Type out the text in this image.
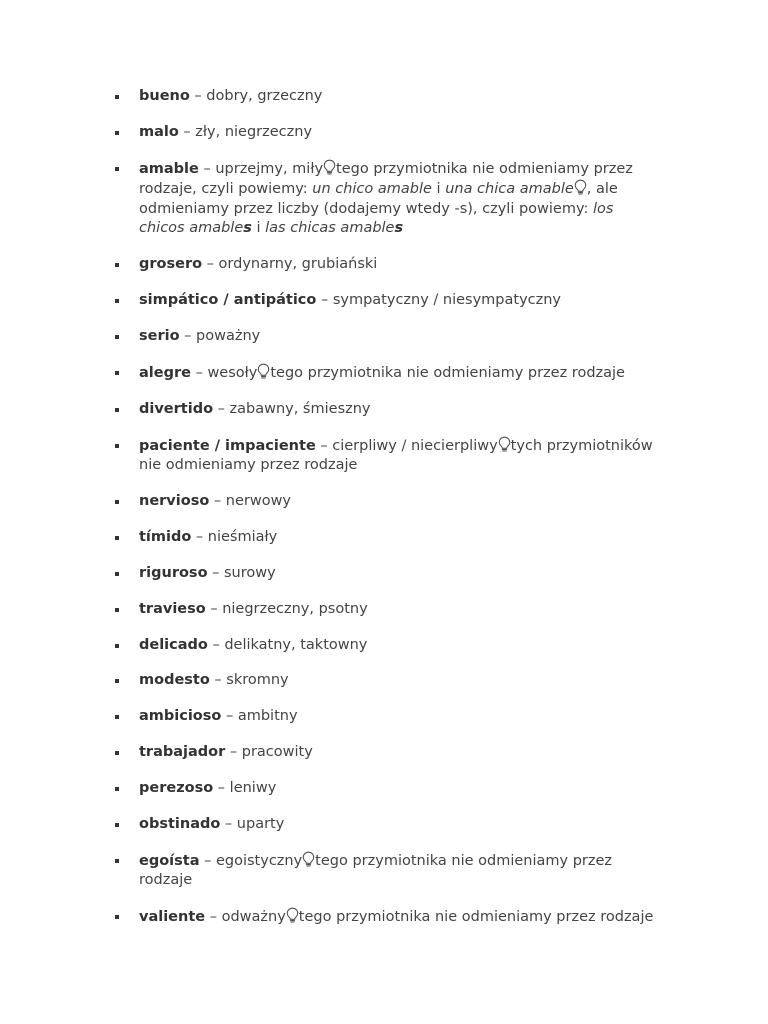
bueno – dobry, grzeczny
malo – zły, niegrzeczny
amable – uprzejmy, miły tego przymiotnika nie odmieniamy przez rodzaje, czyli powiemy: un chico amable i una chica amable , ale odmieniamy przez liczby (dodajemy wtedy -s), czyli powiemy: los chicos amables i las chicas amables
grosero – ordynarny, grubiański
simpático / antipático – sympatyczny / niesympatyczny
serio – poważny
alegre – wesoły tego przymiotnika nie odmieniamy przez rodzaje
divertido – zabawny, śmieszny
paciente / impaciente – cierpliwy / niecierpliwy tych przymiotników nie odmieniamy przez rodzaje
nervioso – nerwowy
tímido – nieśmiały
riguroso – surowy
travieso – niegrzeczny, psotny
delicado – delikatny, taktowny
modesto – skromny
ambicioso – ambitny
trabajador – pracowity
perezoso – leniwy
obstinado – uparty
egoísta – egoistyczny tego przymiotnika nie odmieniamy przez rodzaje
valiente – odważny tego przymiotnika nie odmieniamy przez rodzaje
